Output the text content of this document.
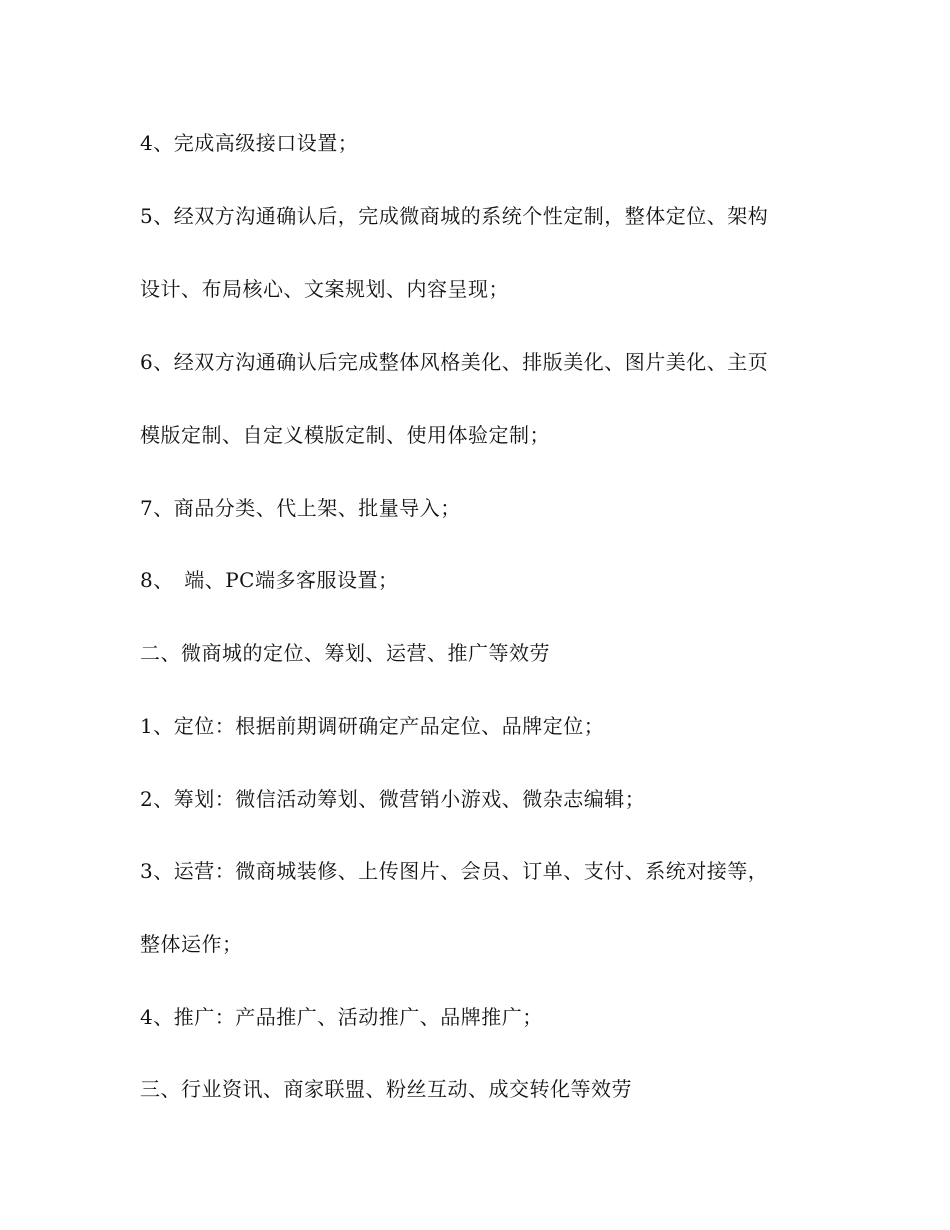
4、完成高级接口设置；
5、经双方沟通确认后，完成微商城的系统个性定制，整体定位、架构
设计、布局核心、文案规划、内容呈现；
6、经双方沟通确认后完成整体风格美化、排版美化、图片美化、主页
模版定制、自定义模版定制、使用体验定制；
7、商品分类、代上架、批量导入；
8、　端、PC端多客服设置；
二、微商城的定位、筹划、运营、推广等效劳
1、定位：根据前期调研确定产品定位、品牌定位；
2、筹划：微信活动筹划、微营销小游戏、微杂志编辑；
3、运营：微商城装修、上传图片、会员、订单、支付、系统对接等，
整体运作；
4、推广：产品推广、活动推广、品牌推广；
三、行业资讯、商家联盟、粉丝互动、成交转化等效劳
